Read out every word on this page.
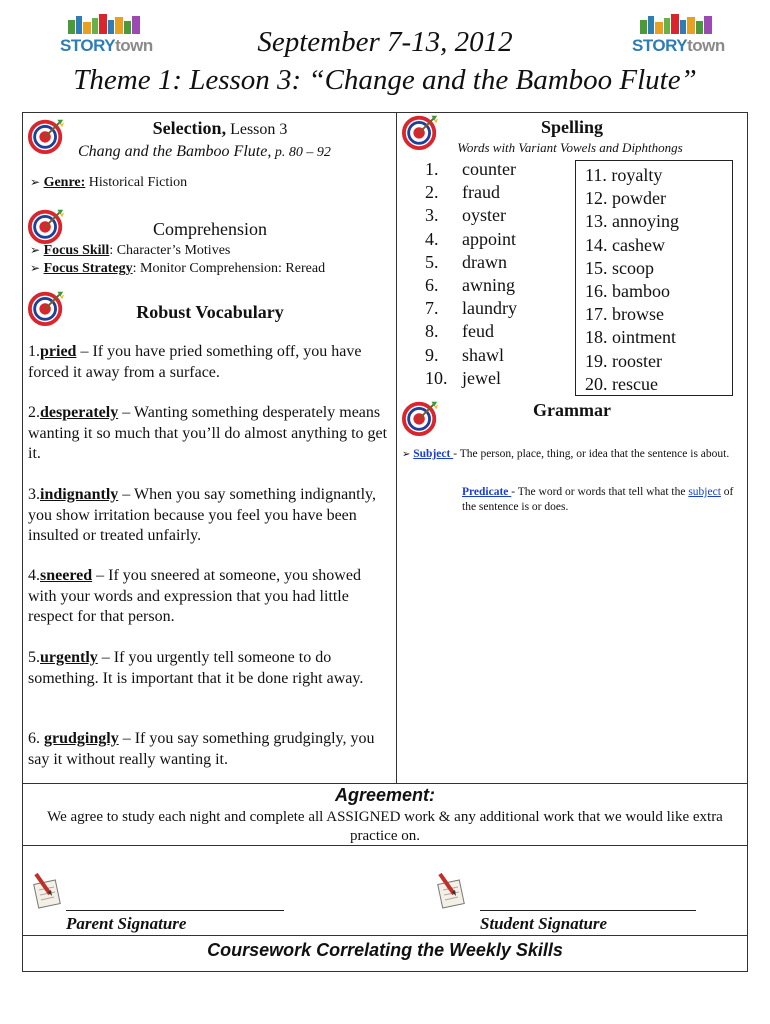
STORYtown	STORYtown
September 7-13, 2012
Theme 1: Lesson 3: “Change and the Bamboo Flute”
Selection, Lesson 3
Chang and the Bamboo Flute, p. 80 – 92
➢ Genre: Historical Fiction
Comprehension
➢ Focus Skill: Character’s Motives
➢ Focus Strategy: Monitor Comprehension: Reread
Robust Vocabulary
1.pried – If you have pried something off, you have forced it away from a surface.
2.desperately – Wanting something desperately means wanting it so much that you’ll do almost anything to get it.
3.indignantly – When you say something indignantly, you show irritation because you feel you have been insulted or treated unfairly.
4.sneered – If you sneered at someone, you showed with your words and expression that you had little respect for that person.
5.urgently – If you urgently tell someone to do something. It is important that it be done right away.
6. grudgingly – If you say something grudgingly, you say it without really wanting it.
Spelling
Words with Variant Vowels and Diphthongs
1.
2.
3.
4.
5.
6.
7.
8.
9.
10.
counter
fraud
oyster
appoint
drawn
awning
laundry
feud
shawl
jewel
11. royalty
12. powder
13. annoying
14. cashew
15. scoop
16. bamboo
17. browse
18. ointment
19. rooster
20. rescue
Grammar
➢ Subject - The person, place, thing, or idea that the sentence is about.
Predicate - The word or words that tell what the subject of the sentence is or does.
Agreement:
We agree to study each night and complete all ASSIGNED work & any additional work that we would like extra practice on.
Parent Signature	Student Signature
Coursework Correlating the Weekly Skills
